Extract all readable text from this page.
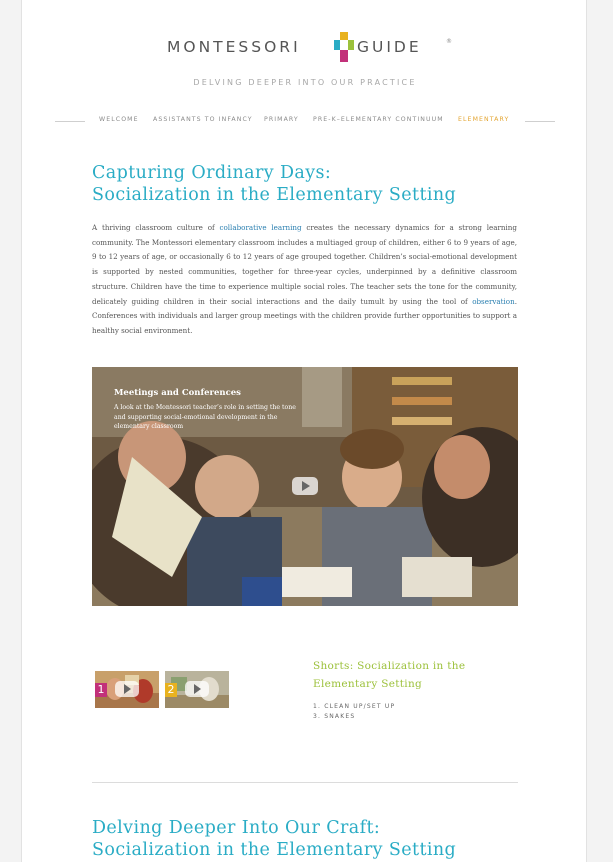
MONTESSORI	GUIDE	®
DELVING DEEPER INTO OUR PRACTICE
WELCOME ASSISTANTS TO INFANCY PRIMARY PRE-K–ELEMENTARY CONTINUUM ELEMENTARY
Capturing Ordinary Days:
Socialization in the Elementary Setting
A thriving classroom culture of collaborative learning creates the necessary dynamics for a strong learning community. The Montessori elementary classroom includes a multiaged group of children, either 6 to 9 years of age, 9 to 12 years of age, or occasionally 6 to 12 years of age grouped together. Children’s social-emotional development is supported by nested communities, together for three-year cycles, underpinned by a definitive classroom structure. Children have the time to experience multiple social roles. The teacher sets the tone for the community, delicately guiding children in their social interactions and the daily tumult by using the tool of observation. Conferences with individuals and larger group meetings with the children provide further opportunities to support a healthy social environment.
Meetings and Conferences
A look at the Montessori teacher’s role in setting the tone and supporting social-emotional development in the elementary classroom
1	2
Shorts: Socialization in the
Elementary Setting
1. CLEAN UP/SET UP
3. SNAKES
Delving Deeper Into Our Craft:
Socialization in the Elementary Setting
